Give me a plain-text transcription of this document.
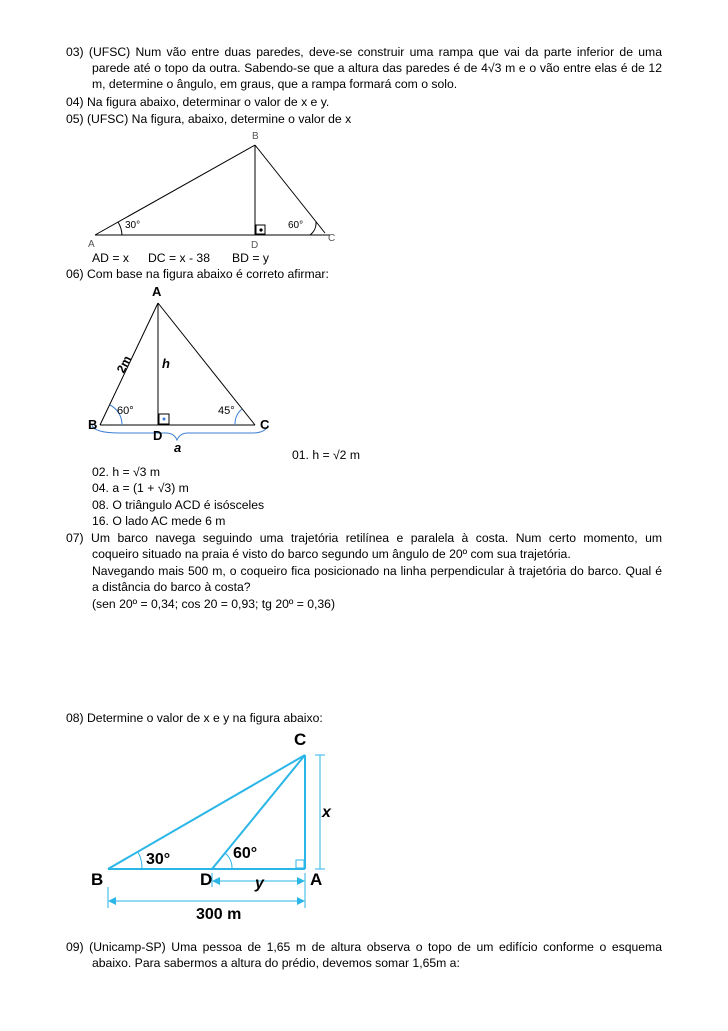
03) (UFSC) Num vão entre duas paredes, deve-se construir uma rampa que vai da parte inferior de uma
parede até o topo da outra. Sabendo-se que a altura das paredes é de 4√3 m e o vão entre elas é de 12
m, determine o ângulo, em graus, que a rampa formará com o solo.
04) Na figura abaixo, determinar o valor de x e y.
05) (UFSC) Na figura, abaixo, determine o valor de x
A
B
D
C
30°	60°
AD = x DC = x - 38 BD = y
06) Com base na figura abaixo é correto afirmar:
A
B	C
D
2m h
60°	45°
a	01. h = √2 m
02. h = √3 m
04. a = (1 + √3) m
08. O triângulo ACD é isósceles
16. O lado AC mede 6 m
07) Um barco navega seguindo uma trajetória retilínea e paralela à costa. Num certo momento, um
coqueiro situado na praia é visto do barco segundo um ângulo de 20º com sua trajetória.
Navegando mais 500 m, o coqueiro fica posicionado na linha perpendicular à trajetória do barco. Qual é
a distância do barco à costa?
(sen 20º = 0,34; cos 20 = 0,93; tg 20º = 0,36)
08) Determine o valor de x e y na figura abaixo:
C
B	D	A
30°	60°
x
y
300 m
09) (Unicamp-SP) Uma pessoa de 1,65 m de altura observa o topo de um edifício conforme o esquema
abaixo. Para sabermos a altura do prédio, devemos somar 1,65m a:
